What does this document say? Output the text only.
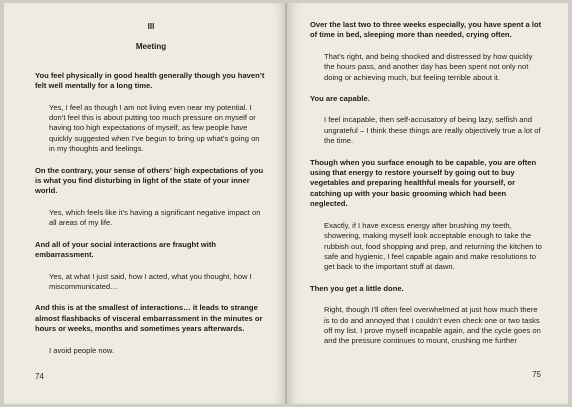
III
Meeting

You feel physically in good health generally though you haven’t felt well mentally for a long time.

Yes, I feel as though I am not living even near my potential. I don’t feel this is about putting too much pressure on myself or having too high expectations of myself, as few people have quickly suggested when I’ve begun to bring up what’s going on in my thoughts and feelings.

On the contrary, your sense of others’ high expectations of you is what you find disturbing in light of the state of your inner world.

Yes, which feels like it’s having a significant negative impact on all areas of my life.

And all of your social interactions are fraught with embarrassment.

Yes, at what I just said, how I acted, what you thought, how I miscommunicated…

And this is at the smallest of interactions… it leads to strange almost flashbacks of visceral embarrassment in the minutes or hours or weeks, months and sometimes years afterwards.

I avoid people now.

74

Over the last two to three weeks especially, you have spent a lot of time in bed, sleeping more than needed, crying often.

That’s right, and being shocked and distressed by how quickly the hours pass, and another day has been spent not only not doing or achieving much, but feeling terrible about it.

You are capable.

I feel incapable, then self-accusatory of being lazy, selfish and ungrateful – I think these things are really objectively true a lot of the time.

Though when you surface enough to be capable, you are often using that energy to restore yourself by going out to buy vegetables and preparing healthful meals for yourself, or catching up with your basic grooming which had been neglected.

Exactly, if I have excess energy after brushing my teeth, showering, making myself look acceptable enough to take the rubbish out, food shopping and prep, and returning the kitchen to safe and hygienic, I feel capable again and make resolutions to get back to the important stuff at dawn.

Then you get a little done.

Right, though I’ll often feel overwhelmed at just how much there is to do and annoyed that I couldn’t even check one or two tasks off my list. I prove myself incapable again, and the cycle goes on and the pressure continues to mount, crushing me further

75
